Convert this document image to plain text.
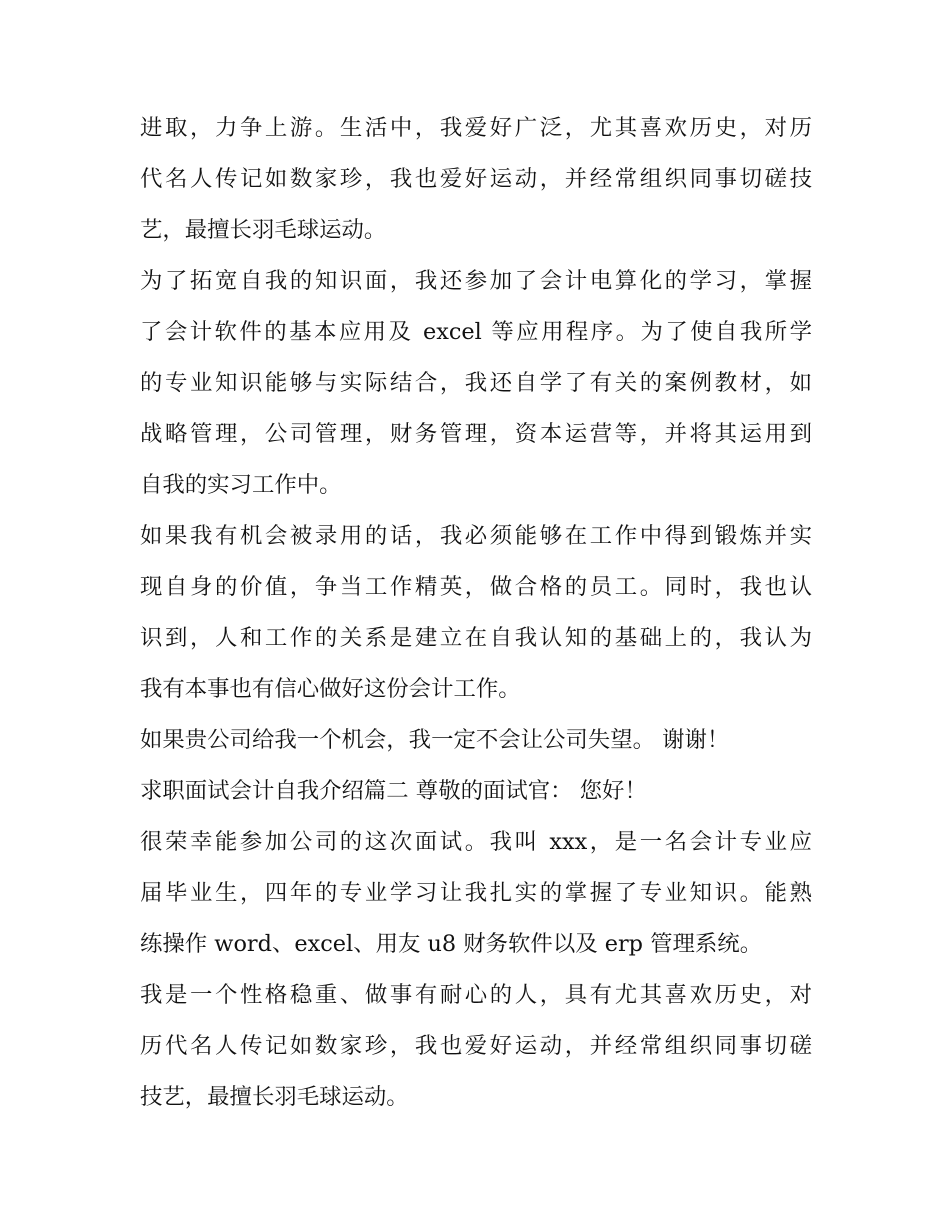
进取，力争上游。生活中，我爱好广泛，尤其喜欢历史，对历
代名人传记如数家珍，我也爱好运动，并经常组织同事切磋技
艺，最擅长羽毛球运动。
为了拓宽自我的知识面，我还参加了会计电算化的学习，掌握
了会计软件的基本应用及 excel 等应用程序。为了使自我所学
的专业知识能够与实际结合，我还自学了有关的案例教材，如
战略管理，公司管理，财务管理，资本运营等，并将其运用到
自我的实习工作中。
如果我有机会被录用的话，我必须能够在工作中得到锻炼并实
现自身的价值，争当工作精英，做合格的员工。同时，我也认
识到，人和工作的关系是建立在自我认知的基础上的，我认为
我有本事也有信心做好这份会计工作。
如果贵公司给我一个机会，我一定不会让公司失望。 谢谢！
求职面试会计自我介绍篇二 尊敬的面试官： 您好！
很荣幸能参加公司的这次面试。我叫 xxx，是一名会计专业应
届毕业生，四年的专业学习让我扎实的掌握了专业知识。能熟
练操作 word、excel、用友 u8 财务软件以及 erp 管理系统。
我是一个性格稳重、做事有耐心的人，具有尤其喜欢历史，对
历代名人传记如数家珍，我也爱好运动，并经常组织同事切磋
技艺，最擅长羽毛球运动。
